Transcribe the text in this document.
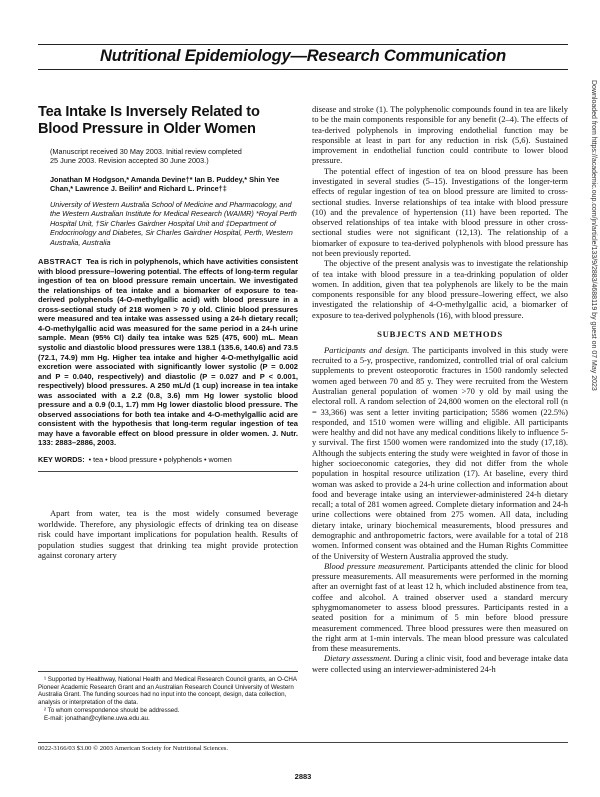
Nutritional Epidemiology—Research Communication
Tea Intake Is Inversely Related to Blood Pressure in Older Women

(Manuscript received 30 May 2003. Initial review completed
25 June 2003. Revision accepted 30 June 2003.)

Jonathan M Hodgson,* Amanda Devine†* Ian B. Puddey,* Shin Yee Chan,* Lawrence J. Beilin* and Richard L. Prince†‡

University of Western Australia School of Medicine and Pharmacology, and the Western Australian Institute for Medical Research (WAIMR) *Royal Perth Hospital Unit, †Sir Charles Gairdner Hospital Unit and ‡Department of Endocrinology and Diabetes, Sir Charles Gairdner Hospital, Perth, Western Australia, Australia

ABSTRACT Tea is rich in polyphenols, which have activities consistent with blood pressure–lowering potential. The effects of long-term regular ingestion of tea on blood pressure remain uncertain. We investigated the relationships of tea intake and a biomarker of exposure to tea-derived polyphenols (4-O-methylgallic acid) with blood pressure in a cross-sectional study of 218 women > 70 y old. Clinic blood pressures were measured and tea intake was assessed using a 24-h dietary recall; 4-O-methylgallic acid was measured for the same period in a 24-h urine sample. Mean (95% CI) daily tea intake was 525 (475, 600) mL. Mean systolic and diastolic blood pressures were 138.1 (135.6, 140.6) and 73.5 (72.1, 74.9) mm Hg. Higher tea intake and higher 4-O-methylgallic acid excretion were associated with significantly lower systolic (P = 0.002 and P = 0.040, respectively) and diastolic (P = 0.027 and P < 0.001, respectively) blood pressures. A 250 mL/d (1 cup) increase in tea intake was associated with a 2.2 (0.8, 3.6) mm Hg lower systolic blood pressure and a 0.9 (0.1, 1.7) mm Hg lower diastolic blood pressure. The observed associations for both tea intake and 4-O-methylgallic acid are consistent with the hypothesis that long-term regular ingestion of tea may have a favorable effect on blood pressure in older women. J. Nutr. 133: 2883–2886, 2003.

KEY WORDS: • tea • blood pressure • polyphenols • women

Apart from water, tea is the most widely consumed beverage worldwide. Therefore, any physiologic effects of drinking tea on disease risk could have important implications for population health. Results of population studies suggest that drinking tea might provide protection against coronary artery

¹ Supported by Healthway, National Health and Medical Research Council grants, an O-CHA Pioneer Academic Research Grant and an Australian Research Council University of Western Australia Grant. The funding sources had no input into the concept, design, data collection, analysis or interpretation of the data.

² To whom correspondence should be addressed.

E-mail: jonathan@cyllene.uwa.edu.au.

disease and stroke (1). The polyphenolic compounds found in tea are likely to be the main components responsible for any benefit (2–4). The effects of tea-derived polyphenols in improving endothelial function may be responsible at least in part for any reduction in risk (5,6). Sustained improvement in endothelial function could contribute to lower blood pressure.

The potential effect of ingestion of tea on blood pressure has been investigated in several studies (5–15). Investigations of the longer-term effects of regular ingestion of tea on blood pressure are limited to cross-sectional studies. Inverse relationships of tea intake with blood pressure (10) and the prevalence of hypertension (11) have been reported. The observed relationships of tea intake with blood pressure in other cross-sectional studies were not significant (12,13). The relationship of a biomarker of exposure to tea-derived polyphenols with blood pressure has not been previously reported.

The objective of the present analysis was to investigate the relationship of tea intake with blood pressure in a tea-drinking population of older women. In addition, given that tea polyphenols are likely to be the main components responsible for any blood pressure–lowering effect, we also investigated the relationship of 4-O-methylgallic acid, a biomarker of exposure to tea-derived polyphenols (16), with blood pressure.

SUBJECTS AND METHODS

Participants and design. The participants involved in this study were recruited to a 5-y, prospective, randomized, controlled trial of oral calcium supplements to prevent osteoporotic fractures in 1500 randomly selected women aged between 70 and 85 y. They were recruited from the Western Australian general population of women >70 y old by mail using the electoral roll. A random selection of 24,800 women on the electoral roll (n = 33,366) was sent a letter inviting participation; 5586 women (22.5%) responded, and 1510 women were willing and eligible. All participants were healthy and did not have any medical conditions likely to influence 5-y survival. The first 1500 women were randomized into the study (17,18). Although the subjects entering the study were weighted in favor of those in higher socioeconomic categories, they did not differ from the whole population in hospital resource utilization (17). At baseline, every third woman was asked to provide a 24-h urine collection and information about food and beverage intake using an interviewer-administered 24-h dietary recall; a total of 281 women agreed. Complete dietary information and 24-h urine collections were obtained from 275 women. All data, including dietary intake, urinary biochemical measurements, blood pressures and demographic and anthropometric factors, were available for a total of 218 women. Informed consent was obtained and the Human Rights Committee of the University of Western Australia approved the study.

Blood pressure measurement. Participants attended the clinic for blood pressure measurements. All measurements were performed in the morning after an overnight fast of at least 12 h, which included abstinence from tea, coffee and alcohol. A trained observer used a standard mercury sphygmomanometer to assess blood pressures. Participants rested in a seated position for a minimum of 5 min before blood pressure measurement commenced. Three blood pressures were then measured on the right arm at 1-min intervals. The mean blood pressure was calculated from these measurements.

Dietary assessment. During a clinic visit, food and beverage intake data were collected using an interviewer-administered 24-h

0022-3166/03 $3.00 © 2003 American Society for Nutritional Sciences.
2883
Downloaded from https://academic.oup.com/jn/article/133/9/2883/4688119 by guest on 07 May 2023
